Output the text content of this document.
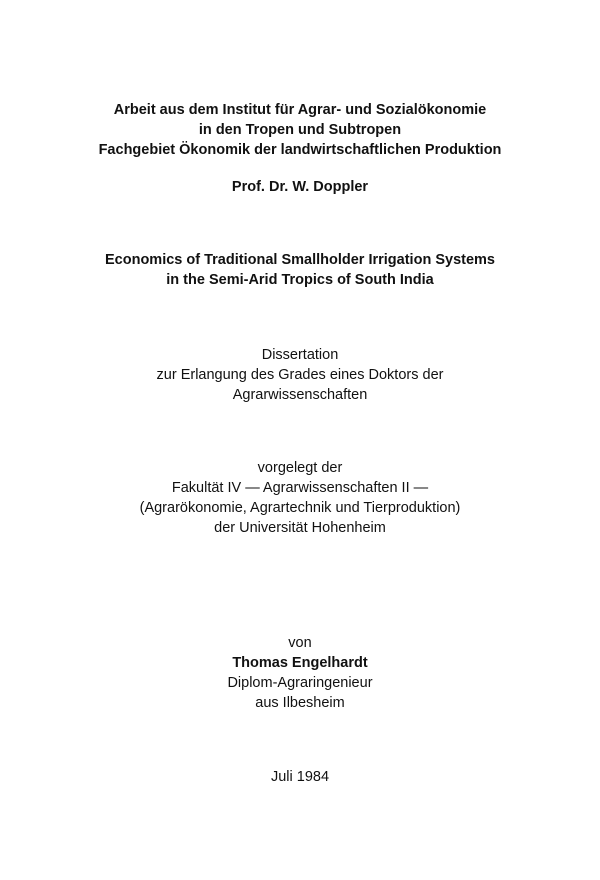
Arbeit aus dem Institut für Agrar- und Sozialökonomie
in den Tropen und Subtropen
Fachgebiet Ökonomik der landwirtschaftlichen Produktion
Prof. Dr. W. Doppler
Economics of Traditional Smallholder Irrigation Systems
in the Semi-Arid Tropics of South India
Dissertation
zur Erlangung des Grades eines Doktors der
Agrarwissenschaften
vorgelegt der
Fakultät IV — Agrarwissenschaften II —
(Agrarökonomie, Agrartechnik und Tierproduktion)
der Universität Hohenheim
von
Thomas Engelhardt
Diplom-Agraringenieur
aus Ilbesheim
Juli 1984
